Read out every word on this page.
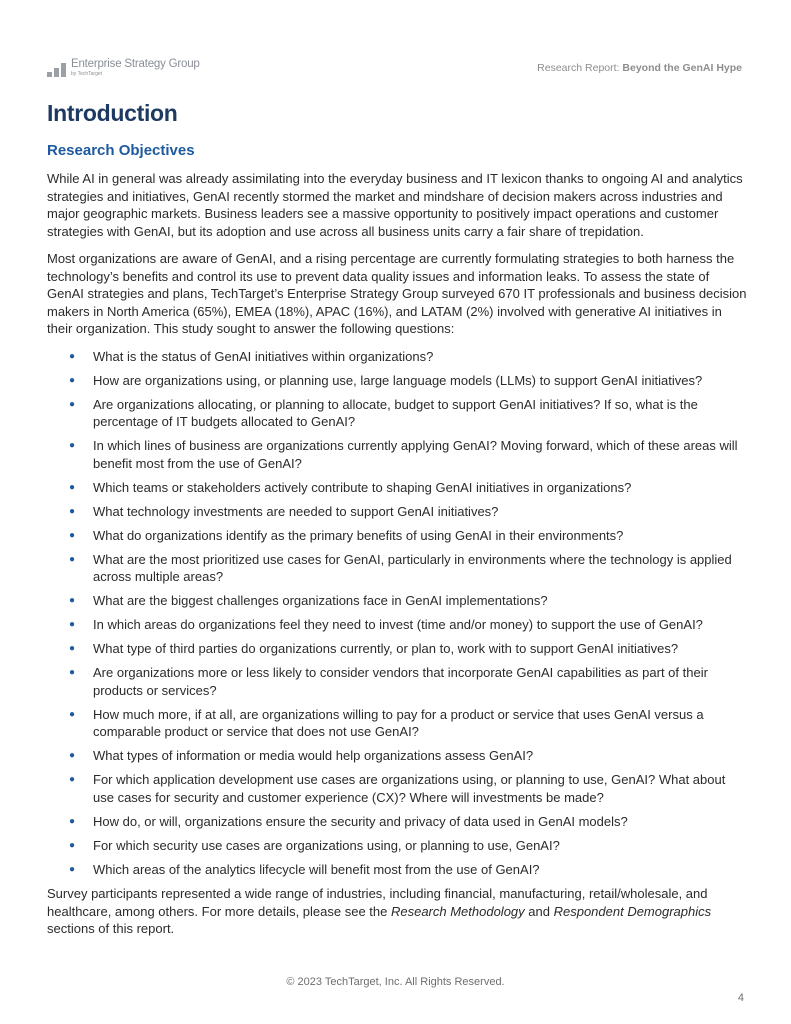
Enterprise Strategy Group
by TechTarget	Research Report: Beyond the GenAI Hype
Introduction
Research Objectives

While AI in general was already assimilating into the everyday business and IT lexicon thanks to ongoing AI and analytics strategies and initiatives, GenAI recently stormed the market and mindshare of decision makers across industries and major geographic markets. Business leaders see a massive opportunity to positively impact operations and customer strategies with GenAI, but its adoption and use across all business units carry a fair share of trepidation.

Most organizations are aware of GenAI, and a rising percentage are currently formulating strategies to both harness the technology’s benefits and control its use to prevent data quality issues and information leaks. To assess the state of GenAI strategies and plans, TechTarget’s Enterprise Strategy Group surveyed 670 IT professionals and business decision makers in North America (65%), EMEA (18%), APAC (16%), and LATAM (2%) involved with generative AI initiatives in their organization. This study sought to answer the following questions:

● What is the status of GenAI initiatives within organizations?
● How are organizations using, or planning use, large language models (LLMs) to support GenAI initiatives?
● Are organizations allocating, or planning to allocate, budget to support GenAI initiatives? If so, what is the percentage of IT budgets allocated to GenAI?
● In which lines of business are organizations currently applying GenAI? Moving forward, which of these areas will benefit most from the use of GenAI?
● Which teams or stakeholders actively contribute to shaping GenAI initiatives in organizations?
● What technology investments are needed to support GenAI initiatives?
● What do organizations identify as the primary benefits of using GenAI in their environments?
● What are the most prioritized use cases for GenAI, particularly in environments where the technology is applied across multiple areas?
● What are the biggest challenges organizations face in GenAI implementations?
● In which areas do organizations feel they need to invest (time and/or money) to support the use of GenAI?
● What type of third parties do organizations currently, or plan to, work with to support GenAI initiatives?
● Are organizations more or less likely to consider vendors that incorporate GenAI capabilities as part of their products or services?
● How much more, if at all, are organizations willing to pay for a product or service that uses GenAI versus a comparable product or service that does not use GenAI?
● What types of information or media would help organizations assess GenAI?
● For which application development use cases are organizations using, or planning to use, GenAI? What about use cases for security and customer experience (CX)? Where will investments be made?
● How do, or will, organizations ensure the security and privacy of data used in GenAI models?
● For which security use cases are organizations using, or planning to use, GenAI?
● Which areas of the analytics lifecycle will benefit most from the use of GenAI?

Survey participants represented a wide range of industries, including financial, manufacturing, retail/wholesale, and healthcare, among others. For more details, please see the Research Methodology and Respondent Demographics sections of this report.

© 2023 TechTarget, Inc. All Rights Reserved.
4
